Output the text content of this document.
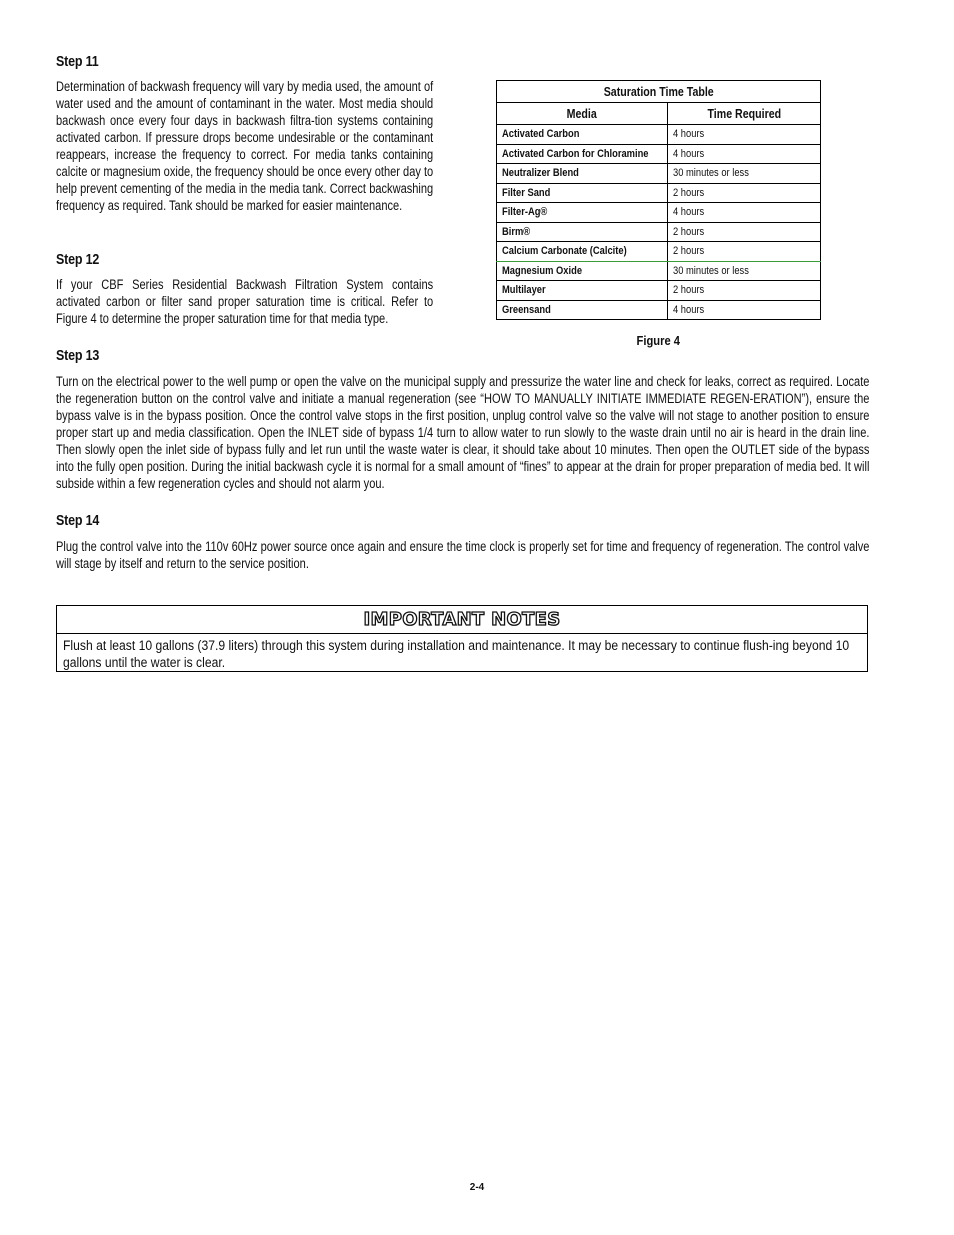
Step 11
Determination of backwash frequency will vary by media used, the amount of water used and the amount of contaminant in the water. Most media should backwash once every four days in backwash filtra-tion systems containing activated carbon. If pressure drops become undesirable or the contaminant reappears, increase the frequency to correct. For media tanks containing calcite or magnesium oxide, the frequency should be once every other day to help prevent cementing of the media in the media tank. Correct backwashing frequency as required. Tank should be marked for easier maintenance.
Step 12
If your CBF Series Residential Backwash Filtration System contains activated carbon or filter sand proper saturation time is critical. Refer to Figure 4 to determine the proper saturation time for that media type.
Saturation Time Table	
Media	Time Required
Activated Carbon	4 hours
Activated Carbon for Chloramine	4 hours
Neutralizer Blend	30 minutes or less
Filter Sand	2 hours
Filter-Ag®	4 hours
Birm®	2 hours
Calcium Carbonate (Calcite)	2 hours
Magnesium Oxide	30 minutes or less
Multilayer	2 hours
Greensand	4 hours
Figure 4
Step 13
Turn on the electrical power to the well pump or open the valve on the municipal supply and pressurize the water line and check for leaks, correct as required. Locate the regeneration button on the control valve and initiate a manual regeneration (see “HOW TO MANUALLY INITIATE IMMEDIATE REGEN-ERATION”), ensure the bypass valve is in the bypass position. Once the control valve stops in the first position, unplug control valve so the valve will not stage to another position to ensure proper start up and media classification. Open the INLET side of bypass 1/4 turn to allow water to run slowly to the waste drain until no air is heard in the drain line. Then slowly open the inlet side of bypass fully and let run until the waste water is clear, it should take about 10 minutes. Then open the OUTLET side of the bypass into the fully open position. During the initial backwash cycle it is normal for a small amount of “fines” to appear at the drain for proper preparation of media bed. It will subside within a few regeneration cycles and should not alarm you.
Step 14
Plug the control valve into the 110v 60Hz power source once again and ensure the time clock is properly set for time and frequency of regeneration. The control valve will stage by itself and return to the service position.
IMPORTANT NOTES
Flush at least 10 gallons (37.9 liters) through this system during installation and maintenance. It may be necessary to continue flush-ing beyond 10 gallons until the water is clear.
2-4
